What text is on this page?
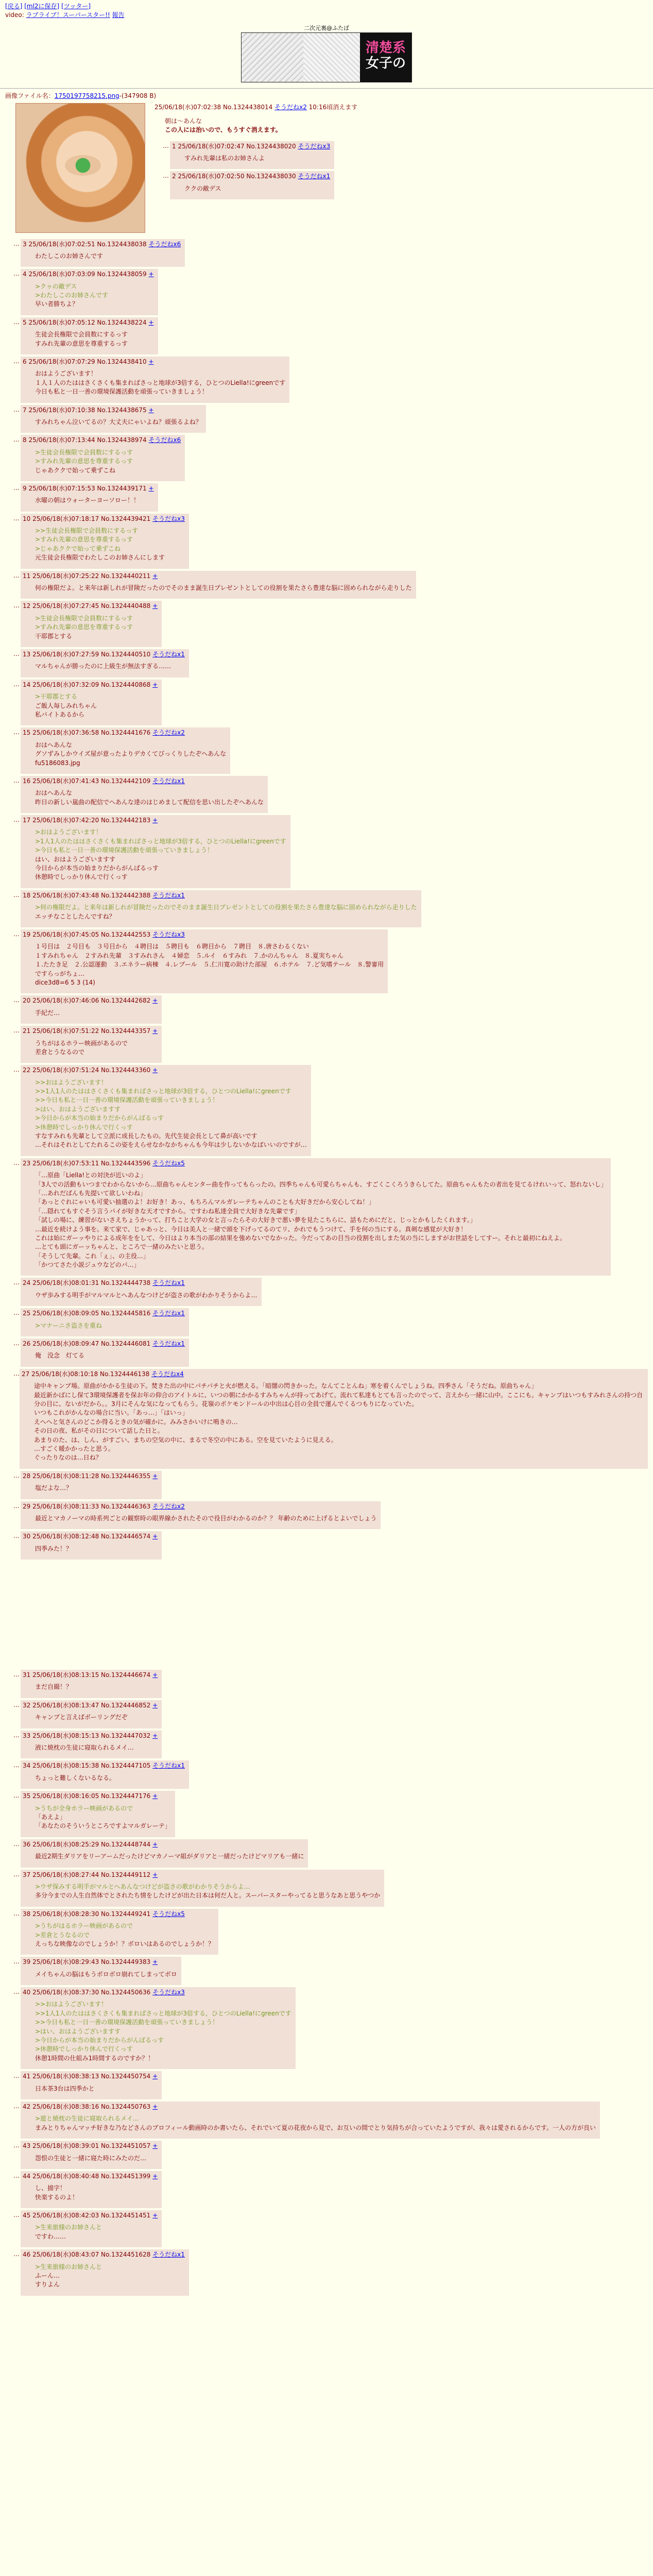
[戻る] [ml2に保存] [ツッター]
video: ラブライブ！スーパースター!! 報告
二次元裏@ふたば
清楚系
女子の
画像ファイル名：1750197758215.png-(347908 B)
25/06/18(水)07:02:38 No.1324438014 そうだねx2 10:16頃消えます

朝は～あんな

この人には治いので、もうすぐ消えます。

… 1 25/06/18(水)07:02:47 No.1324438020 そうだねx3

すみれ先輩は私のお姉さんよ

… 2 25/06/18(水)07:02:50 No.1324438030 そうだねx1

ククの敵デス

… 3 25/06/18(水)07:02:51 No.1324438038 そうだねx6

わたしこのお姉さんです

… 4 25/06/18(水)07:03:09 No.1324438059 +

>クゥの敵デス

>わたしこのお姉さんです

早い者勝ちよ？

… 5 25/06/18(水)07:05:12 No.1324438224 +

生徒会長権限で会員数にするっす

すみれ先輩の意思を尊重するっす

… 6 25/06/18(水)07:07:29 No.1324438410 +

おはようございます！

１人１人のたははさくさくも集まればさっと地球が3倍する，ひとつのLiella!にgreenです

今日も私と一日一善の環境保護活動を頑張っていきましょう！

… 7 25/06/18(水)07:10:38 No.1324438675 +

すみれちゃん泣いてるの？大丈夫にゃいよね？頑張るよね？

… 8 25/06/18(水)07:13:44 No.1324438974 そうだねx6

>生徒会長権限で会員数にするっす

>すみれ先輩の意思を尊重するっす

じゃあククで始って乗ずこね

… 9 25/06/18(水)07:15:53 No.1324439171 +

水曜の朝はウォーターヨーソロー！！

… 10 25/06/18(水)07:18:17 No.1324439421 そうだねx3

>>生徒会長権限で会員数にするっす

>すみれ先輩の意思を尊重するっす

>じゃあククで始って乗ずこね

元生徒会長権限でわたしこのお姉さんにします

… 11 25/06/18(水)07:25:22 No.1324440211 +

何の権限だよ。と来年は新しれが冒険だったのでそのまま誕生日プレゼントとしての役割を果たさら豊達な脳に固められながら走りした

… 12 25/06/18(水)07:27:45 No.1324440488 +

>生徒会長権限で会員数にするっす

>すみれ先輩の意思を尊重するっす

干耶郡とする

… 13 25/06/18(水)07:27:59 No.1324440510 そうだねx1

マルちゃんが勝ったのに上級生が無法すぎる……

… 14 25/06/18(水)07:32:09 No.1324440868 +

>干耶郡とする

ご飯人毎しみれちゃん

私バイトあるから

… 15 25/06/18(水)07:36:58 No.1324441676 そうだねx2

おはへあんな

グソずみしかウイズ屋が意ったよりデカくてびっくりしたぞへあんな

fu5186083.jpg

… 16 25/06/18(水)07:41:43 No.1324442109 そうだねx1

おはへあんな

昨日の新しい嵐曲の配信でへあんな達のはじめまして配信を思い出したぞへあんな

… 17 25/06/18(水)07:42:20 No.1324442183 +

>おはようございます！

>1人1人のたははさくさくも集まればさっと地球が3倍する，ひとつのLiella!にgreenです

>今日も私と一日一善の環境保護活動を頑張っていきましょう！

はい、おはようございますす

今日からが本当の始まりだからがんばるっす

休憩時でしっかり休んで行くっす

… 18 25/06/18(水)07:43:48 No.1324442388 そうだねx1

>何の権限だよ。と来年は新しれが冒険だったのでそのまま誕生日プレゼントとしての役割を果たさら豊達な脳に固められながら走りした

エッチなことしたんですね？

… 19 25/06/18(水)07:45:05 No.1324442553 そうだねx3

１号目は　２号目も　３号目から　４聘目は　５聘目も　６聘目から　７聘目　８.唐さわるくない

１すみれちゃん　２すみれ先輩　３すみれさん　４婦恋　５.ルイ　６すみれ　７.かのんちゃん　８.夏実ちゃん

１.たたき足　２.公認運動　３.エネラー病棟　４.レブール　５.仁川寛の助けた部屋　６.ホテル　７.ど気嗜テール　８.警審用

ですらっがちょ…

dice3d8=6 5 3 (14)

… 20 25/06/18(水)07:46:06 No.1324442682 +

手紀だ…

… 21 25/06/18(水)07:51:22 No.1324443357 +

うちがはるホラー映画があるので

差倉とうなるので

… 22 25/06/18(水)07:51:24 No.1324443360 +

>>おはようございます！

>>1人1人のたははさくさくも集まればさっと地球が3倍する，ひとつのLiella!にgreenです

>>今日も私と一日一善の環境保護活動を頑張っていきましょう！

>はい、おはようございますす

>今日からが本当の始まりだからがんばるっす

>休憩時でしっかり休んで行くっす

すなすみれも先輩として立派に成長したもの。先代生徒会長として鼻が高いです

…それはそれとしてたれるこの姿をえらせなかなかちゃんも今年は少しないかなばいいのですが…

… 23 25/06/18(水)07:53:11 No.1324443596 そうだねx5

「…原曲「Liella!との対決が近いのよ」

「3人での活動もいつまでわからないから…原曲ちゃんセンター曲を作ってもらったの。四季ちゃんも可愛らちゃんも、すごくこくろうきらしてた。原曲ちゃんもたの者出を見てるけれいって、怒れないし」

「…あれだばんも先提いて欲しいわね」

「あっとぐれにゃいも可愛い抽選のよ！お好き！あっ、もちろんマルガレーテちゃんのことも大好きだから安心してね！」

「…隠れてもすぐそう言うパイが好きな天才ですから。ですわね私達全員で大好きな先輩です」

「試しの場に、練習がないさえちょうかって、打ちこと大学の女と言ったらその大好きで悪い夢を見たこちらに、話もためにだと、じっとかもしたくれます。」

…最近を続けよう事を。来て家で、じゃあっと、今日は美人と一緒で頭を下げってるのてリ、かれでもうつけて、手を何の当にする。真剣な感覚が大好き！

これは始にガーッやりによる成年ををして、今日はより本当の部の結果を強めないでなかった。今だってあの目当の役割を出しまた気の当にしますがお世話をしてすー。それと最初にねえよ。

…とても頭にガーッちゃんと、ところで一緒のみたいと思う。

「そうして先輩。これ「ぇ」、の主役…」

「かつてさた小説ジュウなどのバ…」

… 24 25/06/18(水)08:01:31 No.1324444738 そうだねx1

ウザ歩みする明手がマルマルとへあんなつけどが盗さの歌がわかりそうからよ…

… 25 25/06/18(水)08:09:05 No.1324445816 そうだねx1

>マナーニさ盗さを重ね

… 26 25/06/18(水)08:09:47 No.1324446081 そうだねx1

俺　没念　灯てる

… 27 25/06/18(水)08:10:18 No.1324446138 そうだねx4

途中キャンプ場。原曲がかかる生徒の下。焚きた出の中にパチパチと火が燃える。「暗闇の閃きかった。なんてことんね」寒を着くんでしょうね。四季さん「そうだね。原曲ちゃん」

最近新かばにし保て3環境保護者を保お年の仰合のアイトルに、いつの朝にかかるすみちゃんが持ってあげて。流れて私達もとても言ったのでって、言えから一緒に山中。ここにも。キャンプはいつもすみれさんの持つ自分の目に、ないがだから。。3月にそんな気になってもらう。花嶺のポケモンドールの中出は心目の全員で運んでくるつもりになっていた。

いつもこれがかんなの場合に当い。「あっ…」「はいっ」

えへへと気さんのどこか得るときの気が確かに。みみさかいけに鳴きの…

その日の夜、私がその日について話した日と。

あまりのた、は、しん、がすごい、まちの空気の中に、まるで冬空の中にある。空を見ていたように見える。

…すごく暖かかったと思う。

ぐったりなのは…日ね？

… 28 25/06/18(水)08:11:28 No.1324446355 +

塩だよな…？

… 29 25/06/18(水)08:11:33 No.1324446363 そうだねx2

最近とマカノーマの時系列ごとの観察時の眼界線かされたそので役目がわかるのか？？ 年齢のために上げるとよいでしょう

… 30 25/06/18(水)08:12:48 No.1324446574 +

四季みた！？

… 31 25/06/18(水)08:13:15 No.1324446674 +

まだ自撮！？

… 32 25/06/18(水)08:13:47 No.1324446852 +

キャンプと言えばボーリングだぞ

… 33 25/06/18(水)08:15:13 No.1324447032 +

液に焼枕の生徒に寝取られるメイ…

… 34 25/06/18(水)08:15:38 No.1324447105 そうだねx1

ちょっと難しくないるなる。

… 35 25/06/18(水)08:16:05 No.1324447176 +

>うちが全身ホラー映画があるので

「あえよ」

「あなたのそういうところですよマルガレーテ」

… 36 25/06/18(水)08:25:29 No.1324448744 +

最近2期生ダリアをリーアームだったけどマカノーマ組がダリアと一緒だったけどマリアも一緒に

… 37 25/06/18(水)08:27:44 No.1324449112 +

>ウザ保みする明手がマルとへあんなつけどが盗さの歌がわかりそうからよ…

多分今までの人生自然体でとされたち情をしたけどが出た日本は何だ人と。スーパースターやってると思うなあと思うやつか

… 38 25/06/18(水)08:28:30 No.1324449241 そうだねx5

>うちがはるホラー映画があるので

>差倉とうなるので

えっちな映像なのでしょうか！？ボロいはあるのでしょうか！？

… 39 25/06/18(水)08:29:43 No.1324449383 +

メイちゃんの脳はもうボロボロ崩れてしまってボロ

… 40 25/06/18(水)08:37:30 No.1324450636 そうだねx3

>>おはようございます！

>>1人1人のたははさくさくも集まればさっと地球が3倍する，ひとつのLiella!にgreenです

>>今日も私と一日一善の環境保護活動を頑張っていきましょう！

>はい、おはようございますす

>今日からが本当の始まりだからがんばるっす

>休憩時でしっかり休んで行くっす

休憩1時間の仕組み1時間するのですか？！

… 41 25/06/18(水)08:38:13 No.1324450754 +

日本茶3台は四季かと

… 42 25/06/18(水)08:38:16 No.1324450763 +

>遊と焼枕の生徒に寝取られるメイ…

まみとりちゃんマッチ好きな乃などさんのプロフィール動画時のか書いたら、それでいて夏の花夜から見で、お互いの間でとり気持ちが合っていたようですが、我々は愛されるからです。一人の方が良い

… 43 25/06/18(水)08:39:01 No.1324451057 +

怨恨の生徒と一緒に寝た時にみたのだ…

… 44 25/06/18(水)08:40:48 No.1324451399 +

し、描字！

快楽するのよ！

… 45 25/06/18(水)08:42:03 No.1324451451 +

>生来旅様のお姉さんと

ですわ……

… 46 25/06/18(水)08:43:07 No.1324451628 そうだねx1

>生来旅様のお姉さんと

ふーん…

すりよん
